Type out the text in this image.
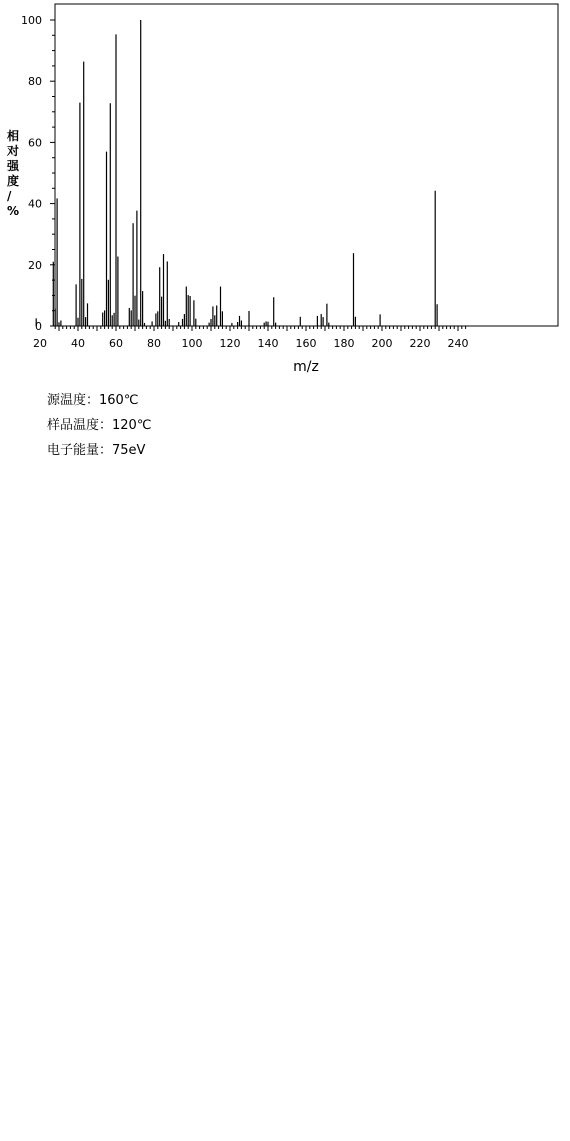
20 40 60 80 100 120 140 160 180 200 220 240
0
20
40
60
80
100
m/z
相对强度/ %
源温度：160℃
样品温度：120℃
电子能量：75eV
